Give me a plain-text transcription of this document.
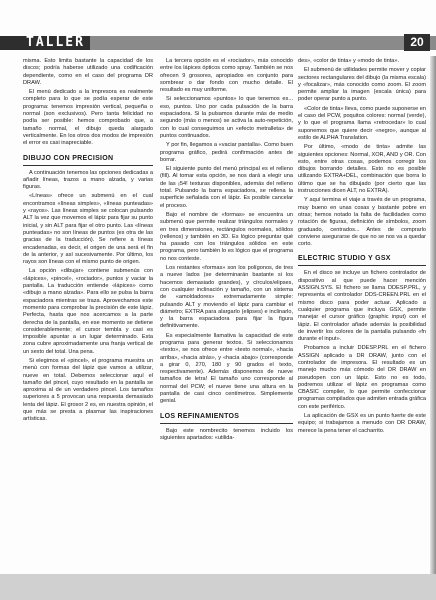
TALLER	20

misma. Esto limita bastante la capacidad de los discos; podría haberse utilizado una codificación dependiente, como en el caso del programa DR DRAW.

El menú dedicado a la impresora es realmente completo para lo que se podía esperar de este programa: tenemos impresión vertical, pequeña o normal (son exclusivos). Pero tanta felicidad no podía ser posible: hemos comprobado que, a tamaño normal, el dibujo queda alargado verticalmente. En los otros dos modos de impresión el error es casi inapreciable.

DIBUJO CON PRECISION

A continuación tenemos las opciones dedicadas a añadir líneas, trazos a mano alzada, y varias figuras.

«Líneas» ofrece un submenú en el cual encontramos «líneas simples», «líneas punteadas» y «rayos». Las líneas simples se colocan pulsando ALT la vez que movemos el lápiz para fijar su punto inicial, y sin ALT para fijar el otro punto. Las «líneas punteadas» no son líneas de puntos (es otra de las gracias de la traducción). Se refiere a líneas encadenadas, es decir, el origen de una será el fin de la anterior, y así sucesivamente. Por último, los rayos son líneas con el mismo punto de origen.

La opción «dibujar» contiene submenús con «lápices», «pincel», «rociador», puntos y vaciar la pantalla. La traducción entiende «lápices» como «dibujo a mano alzada». Para ello se pulsa la barra espaciadora mientras se traza. Aprovechamos este momento para comprobar la precisión de este lápiz. Perfecta, hasta que nos acercamos a la parte derecha de la pantalla, en ese momento se detiene considerablemente; el cursor tembla y casi es imposible apuntar a un lugar determinado. Esta zona cubre aproximadamente una franja vertical de un sexto del total. Una pena.

Si elegimos el «pincel», el programa muestra un menú con formas del lápiz que vamos a utilizar, nueve en total. Debemos seleccionar aquí el tamaño del pincel, cuyo resultado en la pantalla se aproxima al de un verdadero pincel. Los tamaños superiores a 5 provocan una respuesta demasiado lenta del lápiz. El grosor 2 es, en nuestra opinión, el que más se presta a plasmar las inspiraciones artísticas.

La tercera opción es el «rociador», más conocido entre los lápices ópticos como spray. También se nos ofrecen 9 grosores, apropiados en conjunto para sombrear o dar fondo con mucho detalle. El resultado es muy uniforme.

Si seleccionamos «puntos» lo que tenemos es... eso, puntos. Uno por cada pulsación de la barra espaciadora. Si la pulsamos durante más de medio segundo (más o menos) se activa la auto-repetición, con lo cual conseguimos un «efecto metralleta» de puntos continuados.

Y por fin, llegamos a «vaciar pantalla». Como buen programa gráfico, pedirá confirmación antes de borrar.

El siguiente punto del menú principal es el relleno (fill). Al tomar esta opción, se nos dará a elegir una de las ¡54! texturas disponibles, además del relleno total. Pulsando la barra espaciadora, se rellena la superficie señalada con el lápiz. Es posible cancelar el proceso.

Bajo el nombre de «formas» se encuentra un submenú que permite realizar triángulos normales y en tres dimensiones, rectángulos normales, sólidos (rellenos) y también en 3D. Es lógico preguntar qué ha pasado con los triángulos sólidos en este programa, pero también lo es lógico que el programa no nos conteste.

Los restantes «formas» son los polígonos, de tres a nueve lados (se determinarán bastante si los hacemos demasiado grandes), y círculos/elipses, con cualquier inclinación y tamaño, con un sistema de «amoldadores» extremadamente simple: pulsando ALT y moviendo el lápiz para cambiar el diámetro; EXTRA para alargarlo (elipses) e inclinarlo, y la barra espaciadora para fijar la figura definitivamente.

Es especialmente llamativa la capacidad de este programa para generar textos. Si seleccionamos «texto», se nos ofrece entre «texto normal», «hacia arriba», «hacia atrás», y «hacia abajo» (corresponde a girar 0, 270, 180 y 90 grados el texto, respectivamente). Además disponemos de nueve tamaños de letra! El tamaño uno corresponde al normal del PCW; el nueve tiene una altura en la pantalla de casi cinco centímetros. Simplemente genial.

LOS REFINAMIENTOS

Bajo este nombrecito tenemos incluido los siguientes apartados: «utilida-

des», «color de tinta» y «modo de tinta».

El submenú de utilidades permite mover y copiar sectores rectangulares del dibujo (la misma escala) y «focalizar», más conocido como zoom. El zoom permite ampliar la imagen (escala única) para poder operar punto a punto.

«Color de tinta» lleva, como puede suponerse en el caso del PCW, poquitos colores: normal (verde), y lo que el programa llama «retrocedar» lo cual suponemos que quiere decir «negro», aunque al estilo de ALPHA Translation.

Por último, «modo de tinta» admite las siguientes opciones: Normal, XOR, AND y OR. Con esto, entre otras cosas, podemos corregir los dibujos borrando detalles. Esto no es posible utilizando EXTRA+DEL, combinación que borra lo último que se ha dibujado (por cierto que las instrucciones dicen ALT, no EXTRA).

Y aquí termina el viaje a través de un programa, muy bueno en unas cosas y bastante pobre en otras; hemos notado la falta de facilidades como rotación de figuras, definición de símbolos, zoom graduado, centrados... Antes de comprarlo conviene asegurarse de que no se nos va a quedar corto.

ELECTRIC STUDIO Y GSX

En el disco se incluye un fichero controlador de dispositivo al que puede hacer mención ASSIGN.SYS. El fichero se llama DDESP.PRL, y representa el controlador DDS-CREEN.PRL en el mismo disco para poder actuar. Aplicado a cualquier programa que incluya GSX, permite manejar el cursor gráfico (graphic input) con el lápiz. El controlador añade además la posibilidad de invertir los colores de la pantalla pulsando «fn durante el input».

Probamos a incluir DDESP.PRL en el fichero ASSIGN aplicado a DR DRAW, junto con el controlador de impresora. El resultado es un manejo mucho más cómodo del DR DRAW en pseudopen con un lápiz. Esto no es todo, podremos utilizar el lápiz en programas como CBASIC compiler, lo que permite confeccionar programas compilados que admiten entrada gráfica con este periférico.

La aplicación de GSX es un punto fuerte de este equipo; si trabajamos a menudo con DR DRAW, merece la pena tener el cacharrito.
